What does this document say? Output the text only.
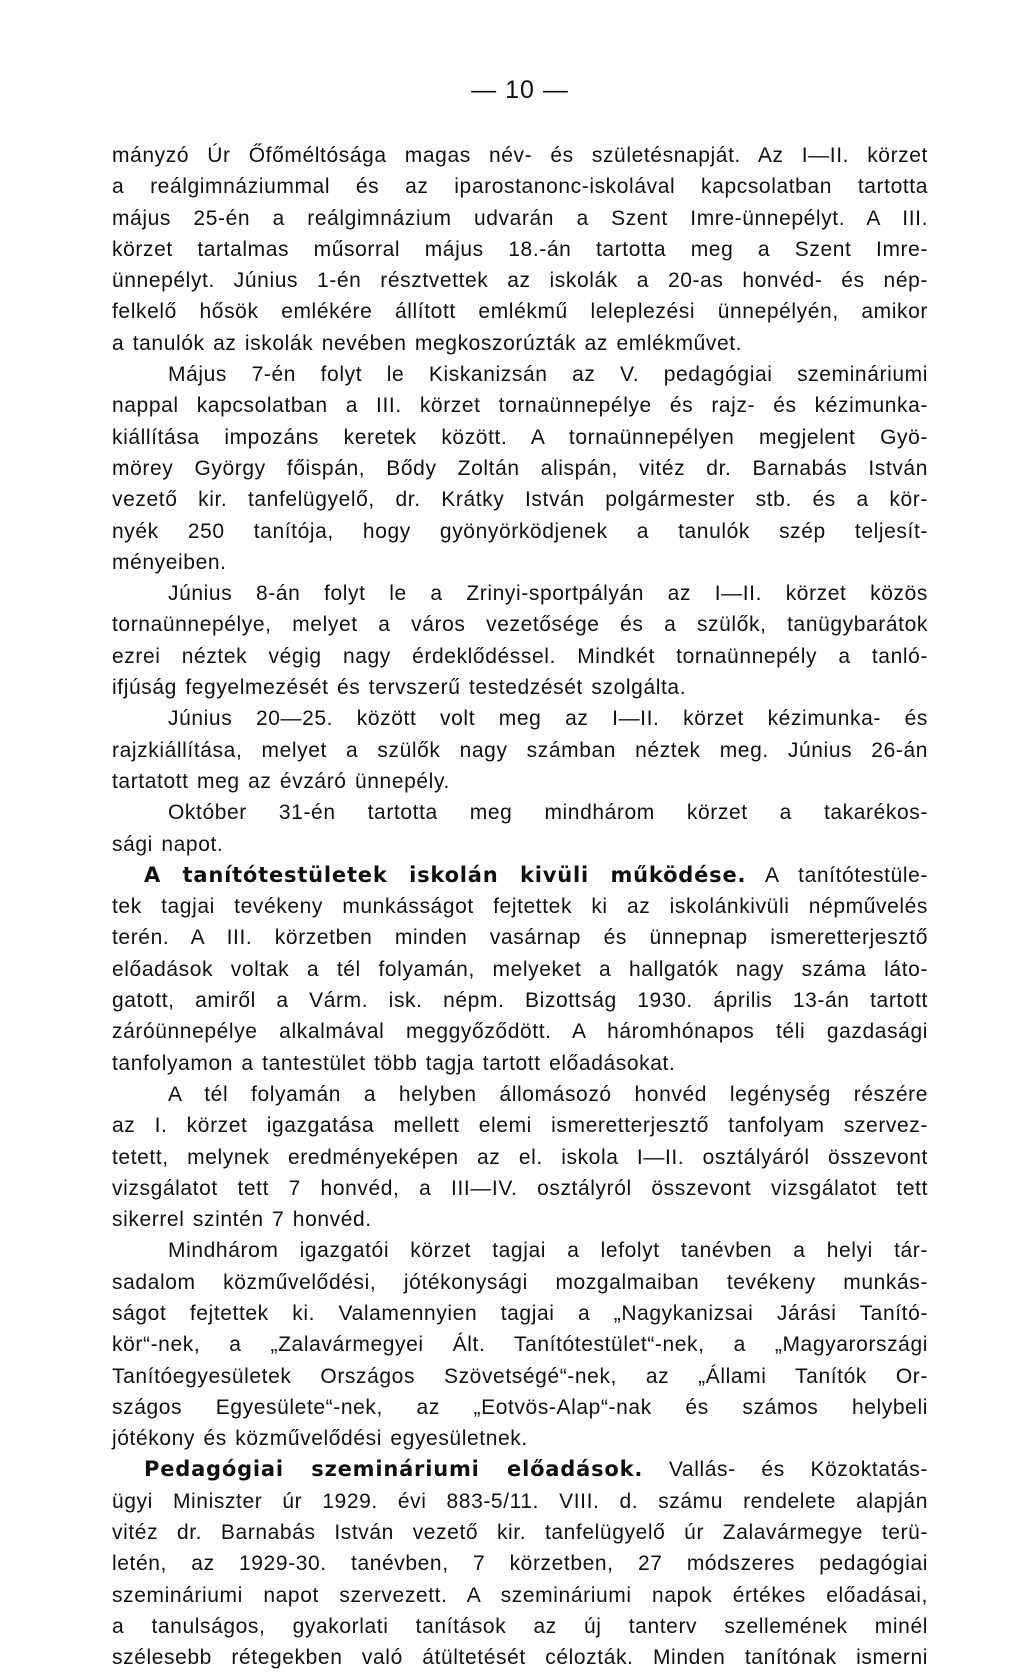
— 10 —
mányzó Úr Őfőméltósága magas név- és születésnapját. Az I—II. körzet
a reálgimnáziummal és az iparostanonc-iskolával kapcsolatban tartotta
május 25-én a reálgimnázium udvarán a Szent Imre-ünnepélyt. A III.
körzet tartalmas műsorral május 18.-án tartotta meg a Szent Imre-
ünnepélyt. Június 1-én résztvettek az iskolák a 20-as honvéd- és nép-
felkelő hősök emlékére állított emlékmű leleplezési ünnepélyén, amikor
a tanulók az iskolák nevében megkoszorúzták az emlékművet.
Május 7-én folyt le Kiskanizsán az V. pedagógiai szemináriumi
nappal kapcsolatban a III. körzet tornaünnepélye és rajz- és kézimunka-
kiállítása impozáns keretek között. A tornaünnepélyen megjelent Gyö-
mörey György főispán, Bődy Zoltán alispán, vitéz dr. Barnabás István
vezető kir. tanfelügyelő, dr. Krátky István polgármester stb. és a kör-
nyék 250 tanítója, hogy gyönyörködjenek a tanulók szép teljesít-
ményeiben.
Június 8-án folyt le a Zrinyi-sportpályán az I—II. körzet közös
tornaünnepélye, melyet a város vezetősége és a szülők, tanügybarátok
ezrei néztek végig nagy érdeklődéssel. Mindkét tornaünnepély a tanló-
ifjúság fegyelmezését és tervszerű testedzését szolgálta.
Június 20—25. között volt meg az I—II. körzet kézimunka- és
rajzkiállítása, melyet a szülők nagy számban néztek meg. Június 26-án
tartatott meg az évzáró ünnepély.
Október 31-én tartotta meg mindhárom körzet a takarékos-
sági napot.
A tanítótestületek iskolán kivüli működése. A tanítótestüle-
tek tagjai tevékeny munkásságot fejtettek ki az iskolánkivüli népművelés
terén. A III. körzetben minden vasárnap és ünnepnap ismeretterjesztő
előadások voltak a tél folyamán, melyeket a hallgatók nagy száma láto-
gatott, amiről a Várm. isk. népm. Bizottság 1930. április 13-án tartott
záróünnepélye alkalmával meggyőződött. A háromhónapos téli gazdasági
tanfolyamon a tantestület több tagja tartott előadásokat.
A tél folyamán a helyben állomásozó honvéd legénység részére
az I. körzet igazgatása mellett elemi ismeretterjesztő tanfolyam szervez-
tetett, melynek eredményeképen az el. iskola I—II. osztályáról összevont
vizsgálatot tett 7 honvéd, a III—IV. osztályról összevont vizsgálatot tett
sikerrel szintén 7 honvéd.
Mindhárom igazgatói körzet tagjai a lefolyt tanévben a helyi tár-
sadalom közművelődési, jótékonysági mozgalmaiban tevékeny munkás-
ságot fejtettek ki. Valamennyien tagjai a „Nagykanizsai Járási Tanító-
kör“-nek, a „Zalavármegyei Ált. Tanítótestület“-nek, a „Magyarországi
Tanítóegyesületek Országos Szövetségé“-nek, az „Állami Tanítók Or-
szágos Egyesülete“-nek, az „Eotvös-Alap“-nak és számos helybeli
jótékony és közművelődési egyesületnek.
Pedagógiai szemináriumi előadások. Vallás- és Közoktatás-
ügyi Miniszter úr 1929. évi 883-5/11. VIII. d. számu rendelete alapján
vitéz dr. Barnabás István vezető kir. tanfelügyelő úr Zalavármegye terü-
letén, az 1929-30. tanévben, 7 körzetben, 27 módszeres pedagógiai
szemináriumi napot szervezett. A szemináriumi napok értékes előadásai,
a tanulságos, gyakorlati tanítások az új tanterv szellemének minél
szélesebb rétegekben való átültetését célozták. Minden tanítónak ismerni
